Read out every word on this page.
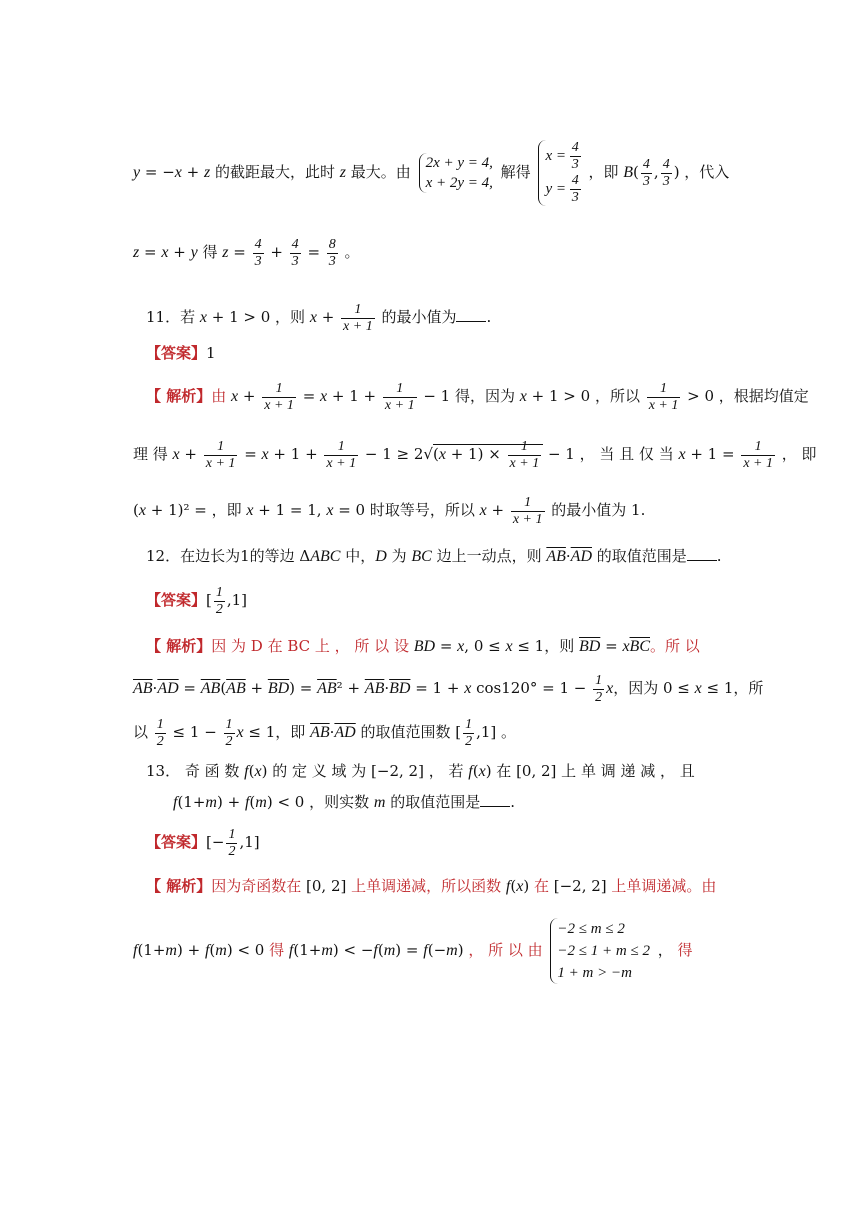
y = −x + z 的截距最大，此时 z 最大。由 2x + y = 4,
x + 2y = 4, 解得 $x = \frac{4}{3}$

$y = \frac{4}{3}$
，即 $B( \frac{4}{3}$ , $\frac{4}{3}$ ) ，代入
z = x + y 得 $z = \frac{4}{3} + \frac{4}{3} = \frac{8}{3}$ 。
11．若 x + 1 > 0 ，则 $x + \frac{1}{x + 1}$ 的最小值为 .
【答案】1
【 解析】由 $x + \frac{1}{x + 1} = x + 1 + \frac{1}{x + 1} - 1$ 得，因为 x + 1 > 0 ，所以 $\frac{1}{x + 1} > 0$ ，根据均值定
理 得 $x + \frac{1}{x + 1} = x + 1 + \frac{1}{x + 1} - 1 \ge 2√(x + 1) \times \frac{1}{x + 1} - 1$ ， 当 且 仅 当 $x + 1 = \frac{1}{x + 1}$ ， 即
(x + 1)² = ，即 x + 1 = 1, x = 0 时取等号，所以 $x + \frac{1}{x + 1}$ 的最小值为 1.
12．在边长为1的等边 ΔABC 中，D 为 BC 边上一动点，则 $\overline{AB}\cdot\overline{AD}$ 的取值范围是 .
【答案】[ $\frac{1}{2} ,1$]
【 解析】因 为 D 在 BC 上 ， 所 以 设 BD = x, 0 ≤ x ≤ 1，则 $\overline{BD} = x\overline{BC}$。所 以
$\overline{AB}\cdot\overline{AD} = \overline{AB}(\overline{AB} + \overline{BD}) = \overline{AB}^2 + \overline{AB}\cdot\overline{BD} = 1 + x$ $\cos 120^\circ = 1 - \frac{1}{2}$ x，因为 0 ≤ x ≤ 1，所
以 $\frac{1}{2} \le 1 - \frac{1}{2}$ x ≤ 1，即 $\overline{AB}\cdot\overline{AD}$ 的取值范围数 [ $\frac{1}{2} ,1$] 。
13． 奇 函 数 f(x) 的 定 义 域 为 [−2, 2] ， 若 f(x) 在 [0, 2] 上 单 调 递 减 ， 且
f(1+m) + f(m) < 0 ，则实数 m 的取值范围是 .
【答案】[− $\frac{1}{2} ,1$]
【 解析】因为奇函数在 [0, 2] 上单调递减，所以函数 f(x) 在 [−2, 2] 上单调递减。由
f(1+m) + f(m) < 0 得 f(1+m) < −f(m) = f(−m) ， 所 以 由 −2 ≤ m ≤ 2
−2 ≤ 1 + m ≤ 2
1 + m > −m ， 得
